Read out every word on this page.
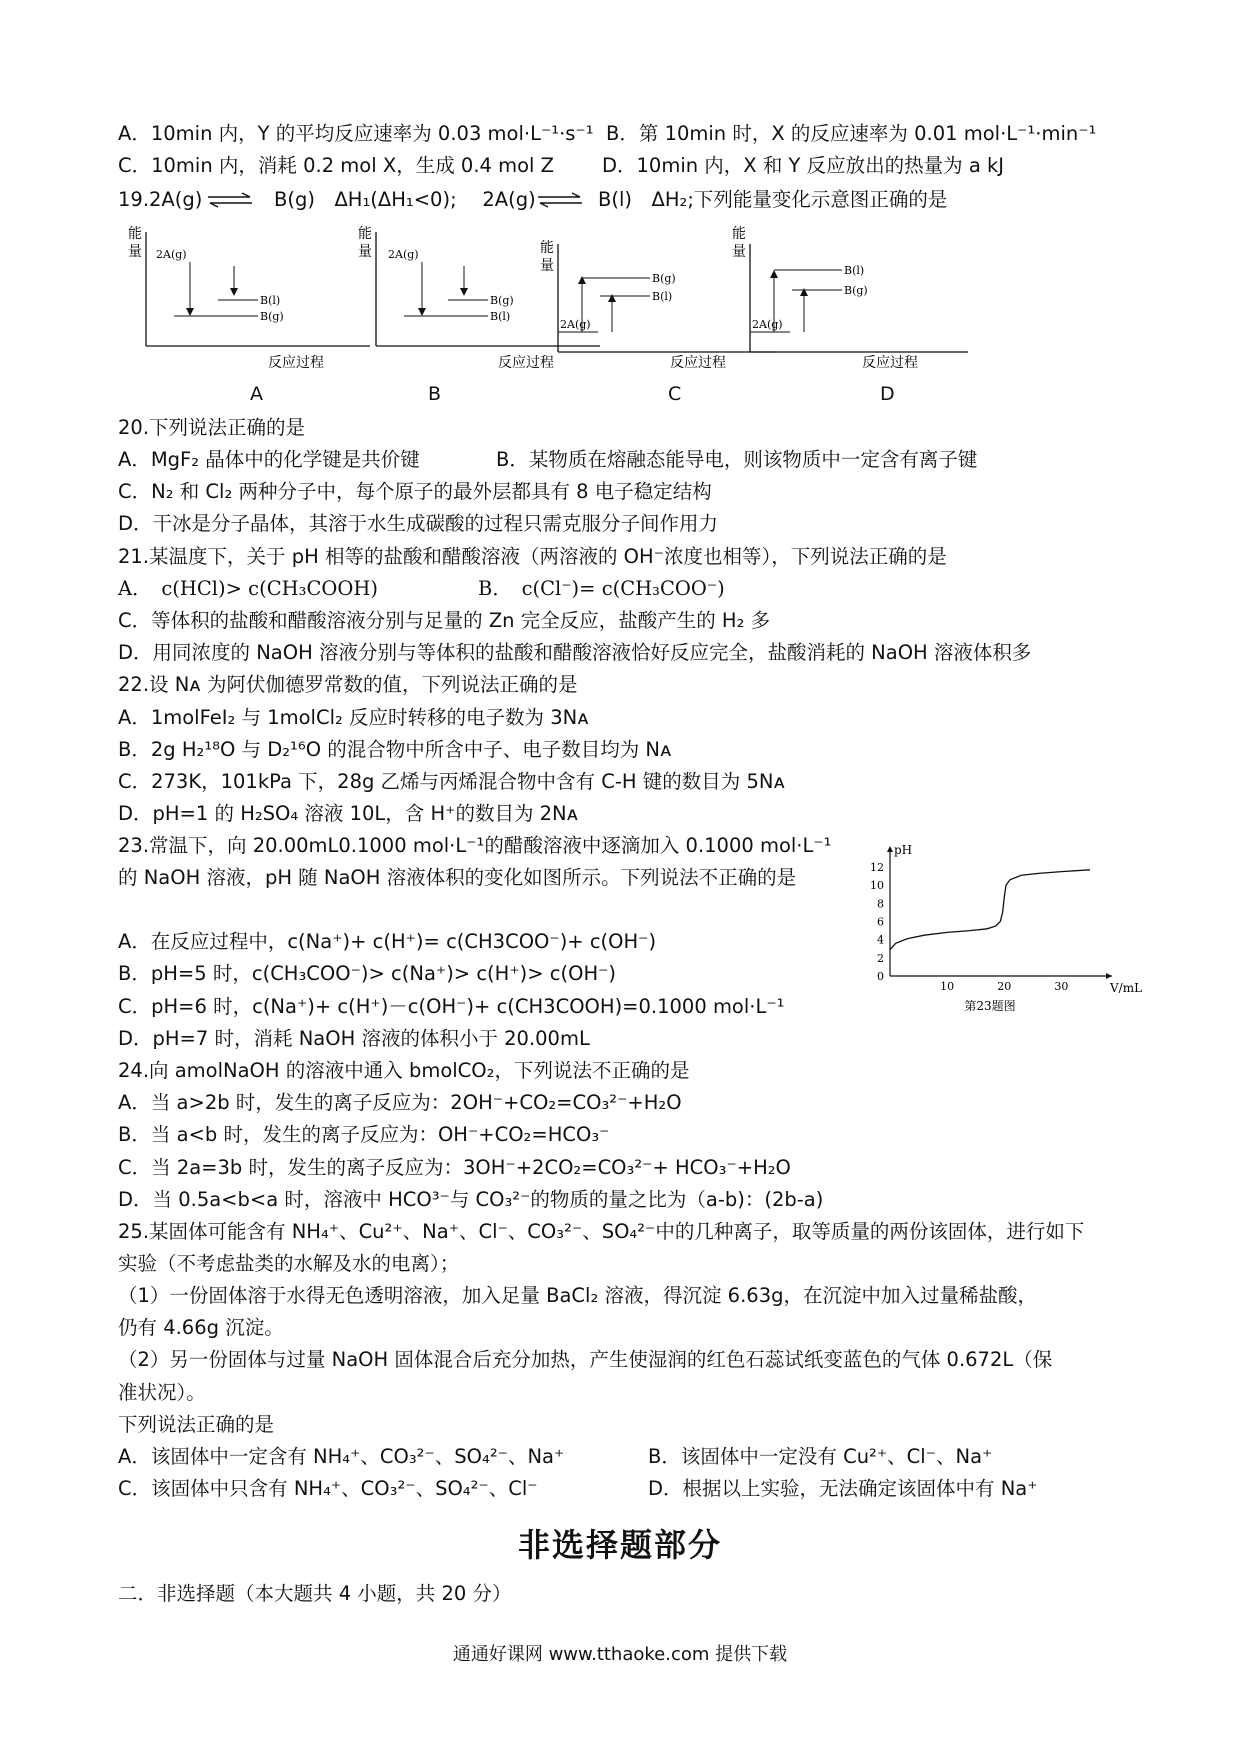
A．10min 内，Y 的平均反应速率为 0.03 mol·L⁻¹·s⁻¹ B．第 10min 时，X 的反应速率为 0.01 mol·L⁻¹·min⁻¹
C．10min 内，消耗 0.2 mol X，生成 0.4 mol Z D．10min 内，X 和 Y 反应放出的热量为 a kJ
19.2A(g) ⇌ B(g)　ΔH₁(ΔH₁<0);　 2A(g) ⇌ B(l)　ΔH₂;下列能量变化示意图正确的是
能
量 2A(g)
B(l)
B(g)
反应过程
能
量 2A(g)
B(g)
B(l)
反应过程
能
量
2A(g)
B(g)
B(l)
反应过程
能
量
2A(g)
B(l)
B(g)
反应过程
A	B	C	D
20.下列说法正确的是
A．MgF₂ 晶体中的化学键是共价键	B．某物质在熔融态能导电，则该物质中一定含有离子键
C．N₂ 和 Cl₂ 两种分子中，每个原子的最外层都具有 8 电子稳定结构
D．干冰是分子晶体，其溶于水生成碳酸的过程只需克服分子间作用力
21.某温度下，关于 pH 相等的盐酸和醋酸溶液（两溶液的 OH⁻浓度也相等），下列说法正确的是
A．　c(HCl)> c(CH₃COOH)	B．　c(Cl⁻)= c(CH₃COO⁻)
C．等体积的盐酸和醋酸溶液分别与足量的 Zn 完全反应，盐酸产生的 H₂ 多
D．用同浓度的 NaOH 溶液分别与等体积的盐酸和醋酸溶液恰好反应完全，盐酸消耗的 NaOH 溶液体积多
22.设 Nᴀ 为阿伏伽德罗常数的值，下列说法正确的是
A．1molFeI₂ 与 1molCl₂ 反应时转移的电子数为 3Nᴀ
B．2g H₂¹⁸O 与 D₂¹⁶O 的混合物中所含中子、电子数目均为 Nᴀ
C．273K，101kPa 下，28g 乙烯与丙烯混合物中含有 C-H 键的数目为 5Nᴀ
D．pH=1 的 H₂SO₄ 溶液 10L，含 H⁺的数目为 2Nᴀ
23.常温下，向 20.00mL0.1000 mol·L⁻¹的醋酸溶液中逐滴加入 0.1000 mol·L⁻¹
的 NaOH 溶液，pH 随 NaOH 溶液体积的变化如图所示。下列说法不正确的是
A．在反应过程中，c(Na⁺)+ c(H⁺)= c(CH3COO⁻)+ c(OH⁻)
B．pH=5 时，c(CH₃COO⁻)> c(Na⁺)> c(H⁺)> c(OH⁻)
C．pH=6 时，c(Na⁺)+ c(H⁺)－c(OH⁻)+ c(CH3COOH)=0.1000 mol·L⁻¹
D．pH=7 时，消耗 NaOH 溶液的体积小于 20.00mL
pH
V/mL
0
2
4
6
8
10
12
10	20	30
第23题图
24.向 amolNaOH 的溶液中通入 bmolCO₂，下列说法不正确的是
A．当 a>2b 时，发生的离子反应为：2OH⁻+CO₂=CO₃²⁻+H₂O
B．当 a<b 时，发生的离子反应为：OH⁻+CO₂=HCO₃⁻
C．当 2a=3b 时，发生的离子反应为：3OH⁻+2CO₂=CO₃²⁻+ HCO₃⁻+H₂O
D．当 0.5a<b<a 时，溶液中 HCO³⁻与 CO₃²⁻的物质的量之比为（a-b)：(2b-a)
25.某固体可能含有 NH₄⁺、Cu²⁺、Na⁺、Cl⁻、CO₃²⁻、SO₄²⁻中的几种离子，取等质量的两份该固体，进行如下
实验（不考虑盐类的水解及水的电离）；
（1）一份固体溶于水得无色透明溶液，加入足量 BaCl₂ 溶液，得沉淀 6.63g，在沉淀中加入过量稀盐酸，
仍有 4.66g 沉淀。
（2）另一份固体与过量 NaOH 固体混合后充分加热，产生使湿润的红色石蕊试纸变蓝色的气体 0.672L（保
准状况）。
下列说法正确的是
A．该固体中一定含有 NH₄⁺、CO₃²⁻、SO₄²⁻、Na⁺	B．该固体中一定没有 Cu²⁺、Cl⁻、Na⁺
C．该固体中只含有 NH₄⁺、CO₃²⁻、SO₄²⁻、Cl⁻	D．根据以上实验，无法确定该固体中有 Na⁺
非选择题部分
二．非选择题（本大题共 4 小题，共 20 分）
通通好课网 www.tthaoke.com 提供下载
